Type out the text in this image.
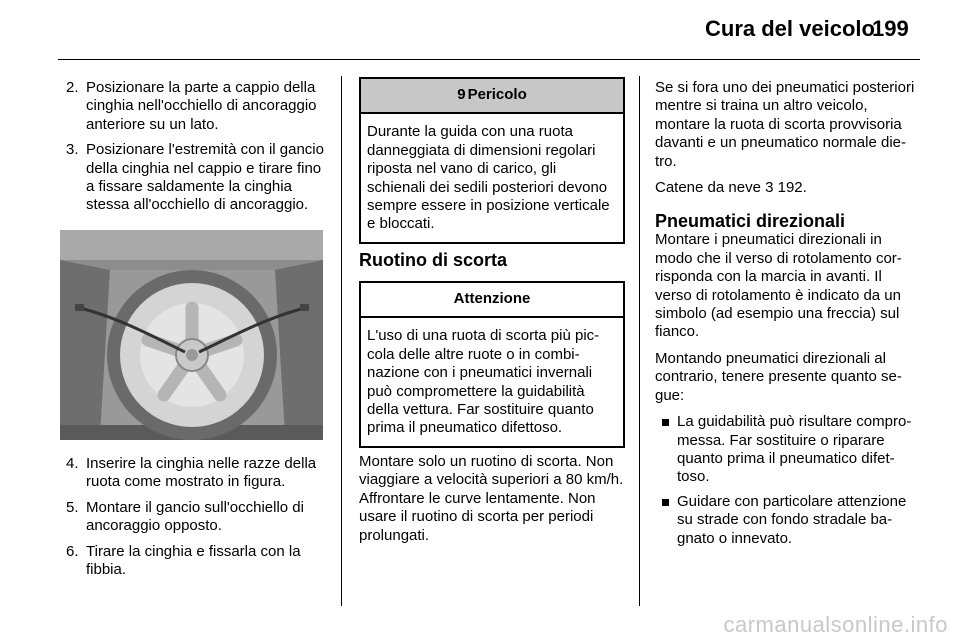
Cura del veicolo
199
2. Posizionare la parte a cappio della cinghia nell'occhiello di ancoraggio anteriore su un lato.
3. Posizionare l'estremità con il gancio della cinghia nel cappio e tirare fino a fissare saldamente la cinghia stessa all'occhiello di ancoraggio.
4. Inserire la cinghia nelle razze della ruota come mostrato in figura.
5. Montare il gancio sull'occhiello di ancoraggio opposto.
6. Tirare la cinghia e fissarla con la fibbia.
9 Pericolo
Durante la guida con una ruota danneggiata di dimensioni regolari riposta nel vano di carico, gli schienali dei sedili posteriori devono sempre essere in posizione verticale e bloccati.
Ruotino di scorta
Attenzione
L'uso di una ruota di scorta più piccola delle altre ruote o in combinazione con i pneumatici invernali può compromettere la guidabilità della vettura. Far sostituire quanto prima il pneumatico difettoso.
Montare solo un ruotino di scorta. Non viaggiare a velocità superiori a 80 km/h. Affrontare le curve lentamente. Non usare il ruotino di scorta per periodi prolungati.

Se si fora uno dei pneumatici posteriori mentre si traina un altro veicolo, montare la ruota di scorta provvisoria davanti e un pneumatico normale dietro.

Catene da neve 3 192.

Pneumatici direzionali

Montare i pneumatici direzionali in modo che il verso di rotolamento corrisponda con la marcia in avanti. Il verso di rotolamento è indicato da un simbolo (ad esempio una freccia) sul fianco.

Montando pneumatici direzionali al contrario, tenere presente quanto segue:

La guidabilità può risultare compromessa. Far sostituire o riparare quanto prima il pneumatico difettoso.
Guidare con particolare attenzione su strade con fondo stradale bagnato o innevato.
carmanualsonline.info
